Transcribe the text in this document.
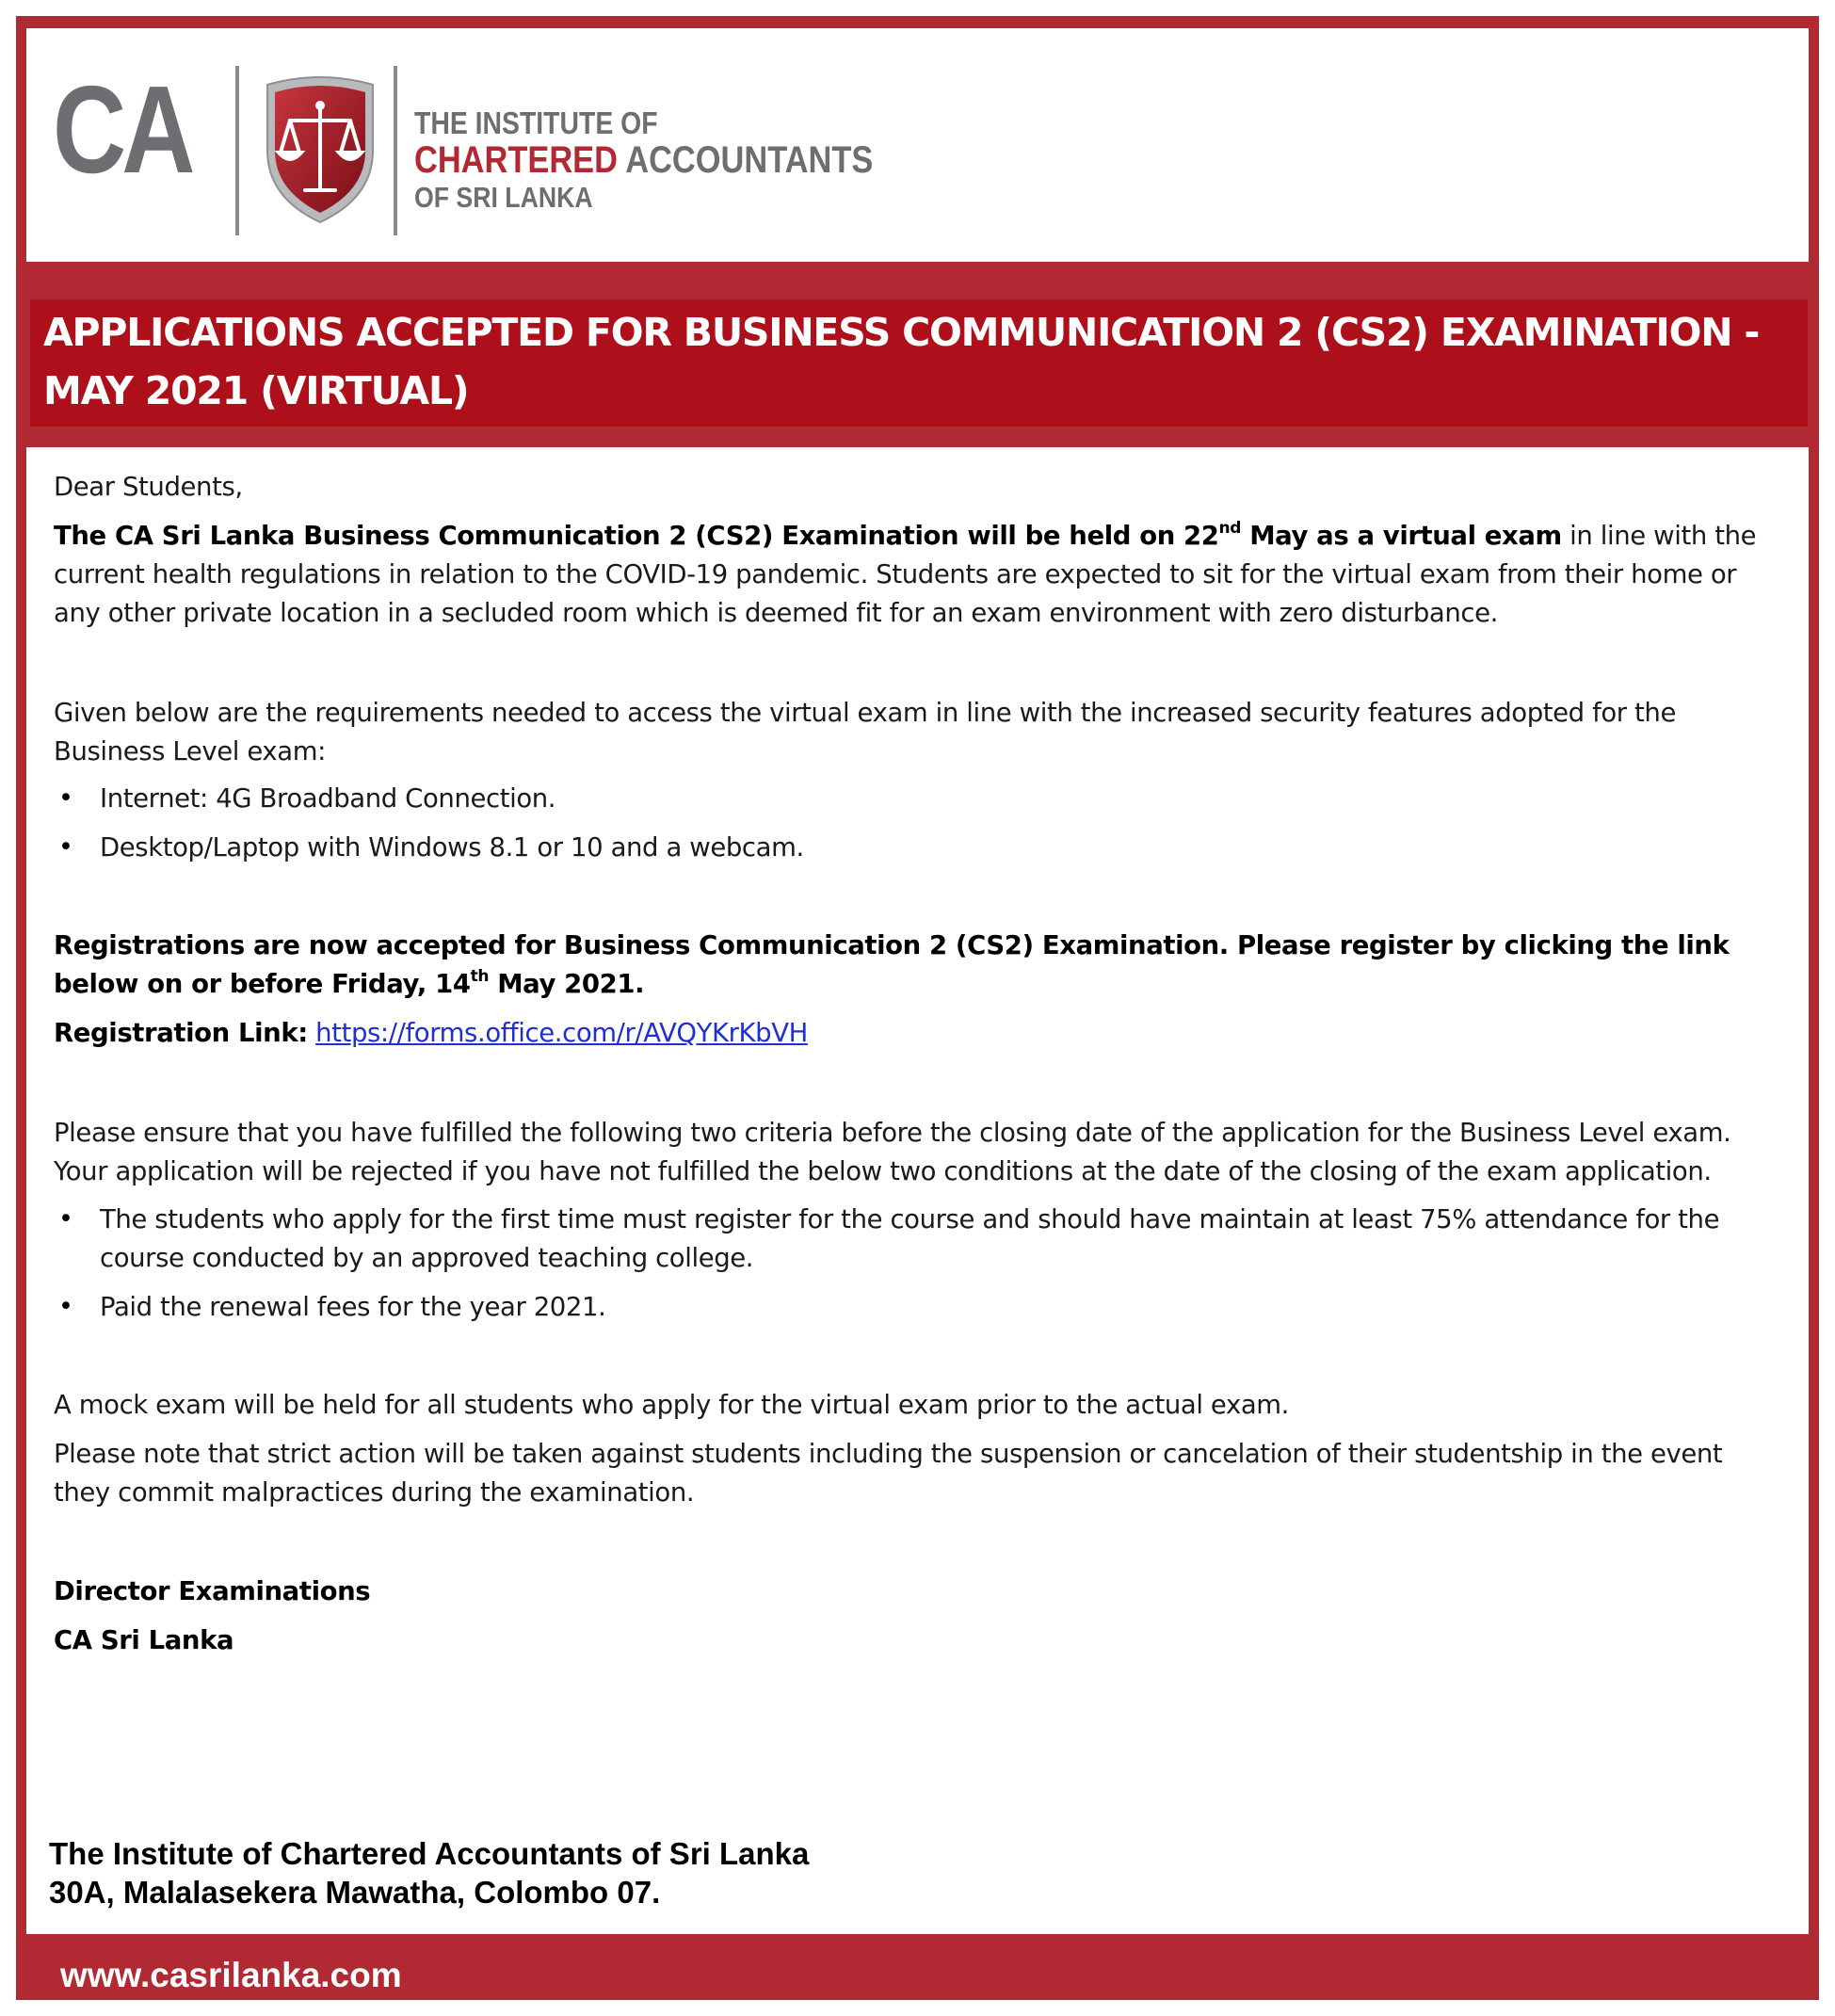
CA	THE INSTITUTE OF
CHARTERED ACCOUNTANTS
OF SRI LANKA
APPLICATIONS ACCEPTED FOR BUSINESS COMMUNICATION 2 (CS2) EXAMINATION - MAY 2021 (VIRTUAL)
Dear Students,
The CA Sri Lanka Business Communication 2 (CS2) Examination will be held on 22nd May as a virtual exam in line with the current health regulations in relation to the COVID-19 pandemic. Students are expected to sit for the virtual exam from their home or any other private location in a secluded room which is deemed fit for an exam environment with zero disturbance.
Given below are the requirements needed to access the virtual exam in line with the increased security features adopted for the Business Level exam:
• Internet: 4G Broadband Connection.
• Desktop/Laptop with Windows 8.1 or 10 and a webcam.
Registrations are now accepted for Business Communication 2 (CS2) Examination. Please register by clicking the link below on or before Friday, 14th May 2021.
Registration Link: https://forms.office.com/r/AVQYKrKbVH
Please ensure that you have fulfilled the following two criteria before the closing date of the application for the Business Level exam. Your application will be rejected if you have not fulfilled the below two conditions at the date of the closing of the exam application.
• The students who apply for the first time must register for the course and should have maintain at least 75% attendance for the course conducted by an approved teaching college.
• Paid the renewal fees for the year 2021.
A mock exam will be held for all students who apply for the virtual exam prior to the actual exam.
Please note that strict action will be taken against students including the suspension or cancelation of their studentship in the event they commit malpractices during the examination.
Director Examinations
CA Sri Lanka
The Institute of Chartered Accountants of Sri Lanka
30A, Malalasekera Mawatha, Colombo 07.
www.casrilanka.com
